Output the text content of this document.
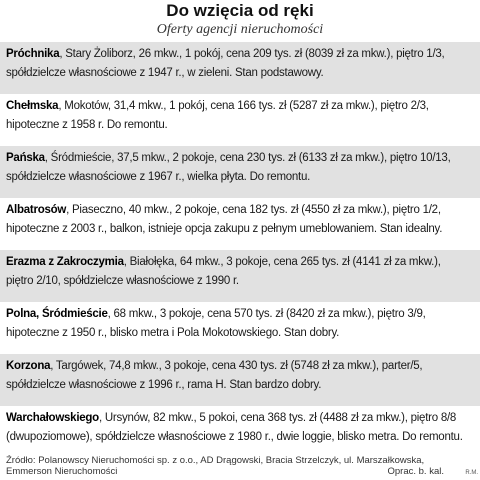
Do wzięcia od ręki
Oferty agencji nieruchomości
Próchnika, Stary Żoliborz, 26 mkw., 1 pokój, cena 209 tys. zł (8039 zł za mkw.), piętro 1/3,
spółdzielcze własnościowe z 1947 r., w zieleni. Stan podstawowy.
Chełmska, Mokotów, 31,4 mkw., 1 pokój, cena 166 tys. zł (5287 zł za mkw.), piętro 2/3,
hipoteczne z 1958 r. Do remontu.
Pańska, Śródmieście, 37,5 mkw., 2 pokoje, cena 230 tys. zł (6133 zł za mkw.), piętro 10/13,
spółdzielcze własnościowe z 1967 r., wielka płyta. Do remontu.
Albatrosów, Piaseczno, 40 mkw., 2 pokoje, cena 182 tys. zł (4550 zł za mkw.), piętro 1/2,
hipoteczne z 2003 r., balkon, istnieje opcja zakupu z pełnym umeblowaniem. Stan idealny.
Erazma z Zakroczymia, Białołęka, 64 mkw., 3 pokoje, cena 265 tys. zł (4141 zł za mkw.),
piętro 2/10, spółdzielcze własnościowe z 1990 r.
Polna, Śródmieście, 68 mkw., 3 pokoje, cena 570 tys. zł (8420 zł za mkw.), piętro 3/9,
hipoteczne z 1950 r., blisko metra i Pola Mokotowskiego. Stan dobry.
Korzona, Targówek, 74,8 mkw., 3 pokoje, cena 430 tys. zł (5748 zł za mkw.), parter/5,
spółdzielcze własnościowe z 1996 r., rama H. Stan bardzo dobry.
Warchałowskiego, Ursynów, 82 mkw., 5 pokoi, cena 368 tys. zł (4488 zł za mkw.), piętro 8/8
(dwupoziomowe), spółdzielcze własnościowe z 1980 r., dwie loggie, blisko metra. Do remontu.
Źródło: Polanowscy Nieruchomości sp. z o.o., AD Drągowski, Bracia Strzelczyk, ul. Marszałkowska,
Emmerson Nieruchomości	Oprac. b. kal.	R.M.
